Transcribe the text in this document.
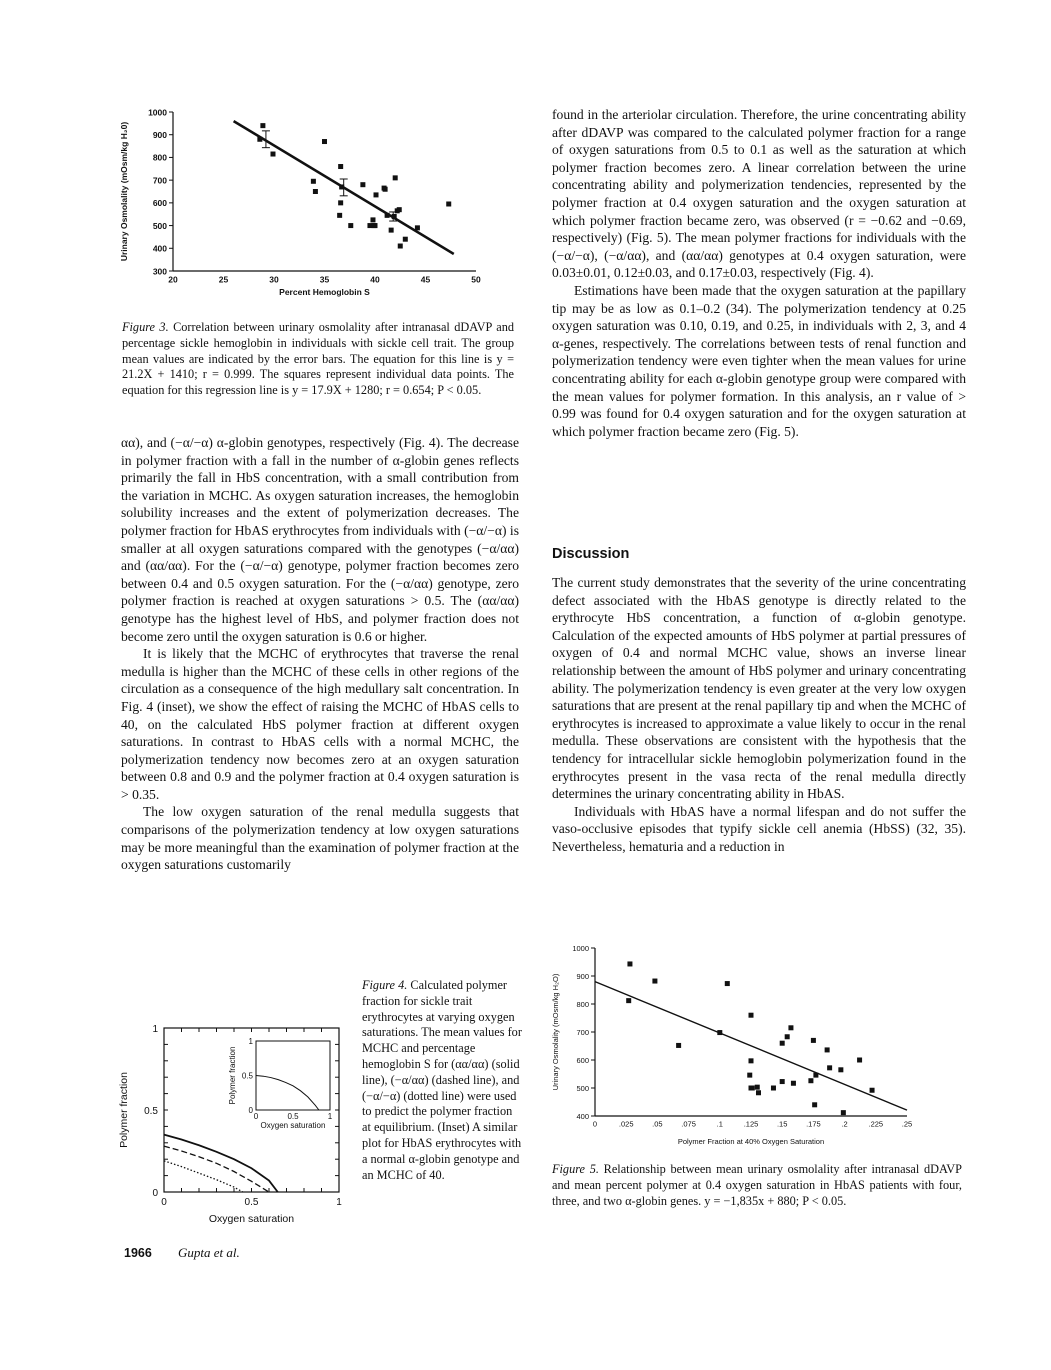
20	25	30	35	40	45	50
300
400
500
600
700
800
900
1000
Percent Hemoglobin S
Urinary Osmolality (mOsm/kg H₂0)
Figure 3. Correlation between urinary osmolality after intranasal dDAVP and percentage sickle hemoglobin in individuals with sickle cell trait. The group mean values are indicated by the error bars. The equation for this line is y = 21.2X + 1410; r = 0.999. The squares represent individual data points. The equation for this regression line is y = 17.9X + 1280; r = 0.654; P < 0.05.

αα), and (−α/−α) α-globin genotypes, respectively (Fig. 4). The decrease in polymer fraction with a fall in the number of α-globin genes reflects primarily the fall in HbS concentration, with a small contribution from the variation in MCHC. As oxygen saturation increases, the hemoglobin solubility increases and the extent of polymerization decreases. The polymer fraction for HbAS erythrocytes from individuals with (−α/−α) is smaller at all oxygen saturations compared with the genotypes (−α/αα) and (αα/αα). For the (−α/−α) genotype, polymer fraction becomes zero between 0.4 and 0.5 oxygen saturation. For the (−α/αα) genotype, zero polymer fraction is reached at oxygen saturations > 0.5. The (αα/αα) genotype has the highest level of HbS, and polymer fraction does not become zero until the oxygen saturation is 0.6 or higher.

It is likely that the MCHC of erythrocytes that traverse the renal medulla is higher than the MCHC of these cells in other regions of the circulation as a consequence of the high medullary salt concentration. In Fig. 4 (inset), we show the effect of raising the MCHC of HbAS cells to 40, on the calculated HbS polymer fraction at different oxygen saturations. In contrast to HbAS cells with a normal MCHC, the polymerization tendency now becomes zero at an oxygen saturation between 0.8 and 0.9 and the polymer fraction at 0.4 oxygen saturation is > 0.35.

The low oxygen saturation of the renal medulla suggests that comparisons of the polymerization tendency at low oxygen saturations may be more meaningful than the examination of polymer fraction at the oxygen saturations customarily

0	0.5	1
0
0.5
1
Oxygen saturation
Polymer fraction	0	0.5	1
0
0.5
1
Oxygen saturation
Polymer fraction
Figure 4. Calculated polymer fraction for sickle trait erythrocytes at varying oxygen saturations. The mean values for MCHC and percentage hemoglobin S for (αα/αα) (solid line), (−α/αα) (dashed line), and (−α/−α) (dotted line) were used to predict the polymer fraction at equilibrium. (Inset) A similar plot for HbAS erythrocytes with a normal α-globin genotype and an MCHC of 40.

found in the arteriolar circulation. Therefore, the urine concentrating ability after dDAVP was compared to the calculated polymer fraction for a range of oxygen saturations from 0.5 to 0.1 as well as the saturation at which polymer fraction becomes zero. A linear correlation between the urine concentrating ability and polymerization tendencies, represented by the polymer fraction at 0.4 oxygen saturation and the oxygen saturation at which polymer fraction became zero, was observed (r = −0.62 and −0.69, respectively) (Fig. 5). The mean polymer fractions for individuals with the (−α/−α), (−α/αα), and (αα/αα) genotypes at 0.4 oxygen saturation, were 0.03±0.01, 0.12±0.03, and 0.17±0.03, respectively (Fig. 4).

Estimations have been made that the oxygen saturation at the papillary tip may be as low as 0.1–0.2 (34). The polymerization tendency at 0.25 oxygen saturation was 0.10, 0.19, and 0.25, in individuals with 2, 3, and 4 α-genes, respectively. The correlations between tests of renal function and polymerization tendency were even tighter when the mean values for urine concentrating ability for each α-globin genotype group were compared with the mean values for polymer formation. In this analysis, an r value of > 0.99 was found for 0.4 oxygen saturation and for the oxygen saturation at which polymer fraction became zero (Fig. 5).

Discussion

The current study demonstrates that the severity of the urine concentrating defect associated with the HbAS genotype is directly related to the erythrocyte HbS concentration, a function of α-globin genotype. Calculation of the expected amounts of HbS polymer at partial pressures of oxygen of 0.4 and normal MCHC value, shows an inverse linear relationship between the amount of HbS polymer and urinary concentrating ability. The polymerization tendency is even greater at the very low oxygen saturations that are present at the renal papillary tip and when the MCHC of erythrocytes is increased to approximate a value likely to occur in the renal medulla. These observations are consistent with the hypothesis that the tendency for intracellular sickle hemoglobin polymerization found in the erythrocytes present in the vasa recta of the renal medulla directly determines the urinary concentrating ability in HbAS.

Individuals with HbAS have a normal lifespan and do not suffer the vaso-occlusive episodes that typify sickle cell anemia (HbSS) (32, 35). Nevertheless, hematuria and a reduction in

0	.025 .05 .075	.1	.125 .15 .175	.2	.225 .25
400
500
600
700
800
900
1000
Polymer Fraction at 40% Oxygen Saturation
Urinary Osmolality (mOsm/kg H₂O)
Figure 5. Relationship between mean urinary osmolality after intranasal dDAVP and mean percent polymer at 0.4 oxygen saturation in HbAS patients with four, three, and two α-globin genes. y = −1,835x + 880; P < 0.05.
1966 Gupta et al.
